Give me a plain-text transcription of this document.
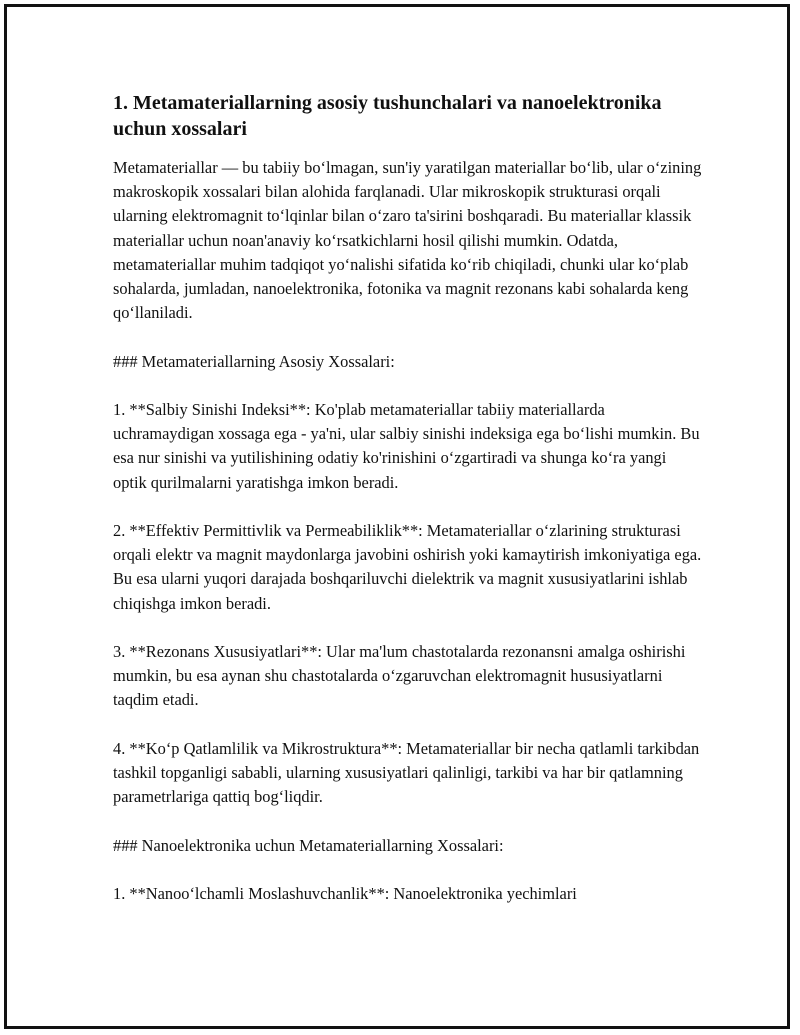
1. Metamateriallarning asosiy tushunchalari va nanoelektronika uchun xossalari

Metamateriallar — bu tabiiy bo‘lmagan, sun'iy yaratilgan materiallar bo‘lib, ular o‘zining makroskopik xossalari bilan alohida farqlanadi. Ular mikroskopik strukturasi orqali ularning elektromagnit to‘lqinlar bilan o‘zaro ta'sirini boshqaradi. Bu materiallar klassik materiallar uchun noan'anaviy ko‘rsatkichlarni hosil qilishi mumkin. Odatda, metamateriallar muhim tadqiqot yo‘nalishi sifatida ko‘rib chiqiladi, chunki ular ko‘plab sohalarda, jumladan, nanoelektronika, fotonika va magnit rezonans kabi sohalarda keng qo‘llaniladi.

### Metamateriallarning Asosiy Xossalari:

1. **Salbiy Sinishi Indeksi**: Ko'plab metamateriallar tabiiy materiallarda uchramaydigan xossaga ega - ya'ni, ular salbiy sinishi indeksiga ega bo‘lishi mumkin. Bu esa nur sinishi va yutilishining odatiy ko'rinishini o‘zgartiradi va shunga ko‘ra yangi optik qurilmalarni yaratishga imkon beradi.

2. **Effektiv Permittivlik va Permeabiliklik**: Metamateriallar o‘zlarining strukturasi orqali elektr va magnit maydonlarga javobini oshirish yoki kamaytirish imkoniyatiga ega. Bu esa ularni yuqori darajada boshqariluvchi dielektrik va magnit xususiyatlarini ishlab chiqishga imkon beradi.

3. **Rezonans Xususiyatlari**: Ular ma'lum chastotalarda rezonansni amalga oshirishi mumkin, bu esa aynan shu chastotalarda o‘zgaruvchan elektromagnit hususiyatlarni taqdim etadi.

4. **Ko‘p Qatlamlilik va Mikrostruktura**: Metamateriallar bir necha qatlamli tarkibdan tashkil topganligi sababli, ularning xususiyatlari qalinligi, tarkibi va har bir qatlamning parametrlariga qattiq bog‘liqdir.

### Nanoelektronika uchun Metamateriallarning Xossalari:

1. **Nanoo‘lchamli Moslashuvchanlik**: Nanoelektronika yechimlari
